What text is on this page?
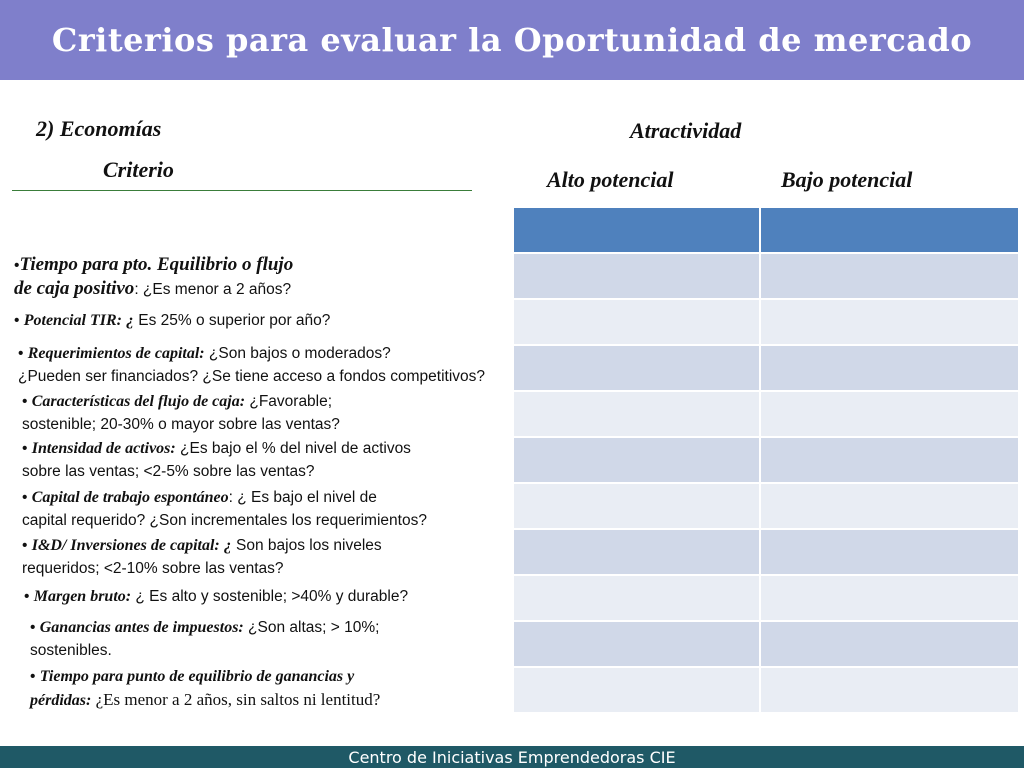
Criterios para evaluar la Oportunidad de mercado
2) Economías
Criterio
Atractividad
Alto potencial	Bajo potencial

•Tiempo para pto. Equilibrio o flujo
de caja positivo: ¿Es menor a 2 años?
• Potencial TIR: ¿ Es 25% o superior por año?
• Requerimientos de capital: ¿Son bajos o moderados?
¿Pueden ser financiados? ¿Se tiene acceso a fondos competitivos?
• Características del flujo de caja: ¿Favorable;
sostenible; 20-30% o mayor sobre las ventas?
• Intensidad de activos: ¿Es bajo el % del nivel de activos
sobre las ventas; <2-5% sobre las ventas?
• Capital de trabajo espontáneo: ¿ Es bajo el nivel de
capital requerido? ¿Son incrementales los requerimientos?
• I&D/ Inversiones de capital: ¿ Son bajos los niveles
requeridos; <2-10% sobre las ventas?
• Margen bruto: ¿ Es alto y sostenible; >40% y durable?
• Ganancias antes de impuestos: ¿Son altas; > 10%;
sostenibles.
• Tiempo para punto de equilibrio de ganancias y
pérdidas: ¿Es menor a 2 años, sin saltos ni lentitud?
Centro de Iniciativas Emprendedoras CIE
